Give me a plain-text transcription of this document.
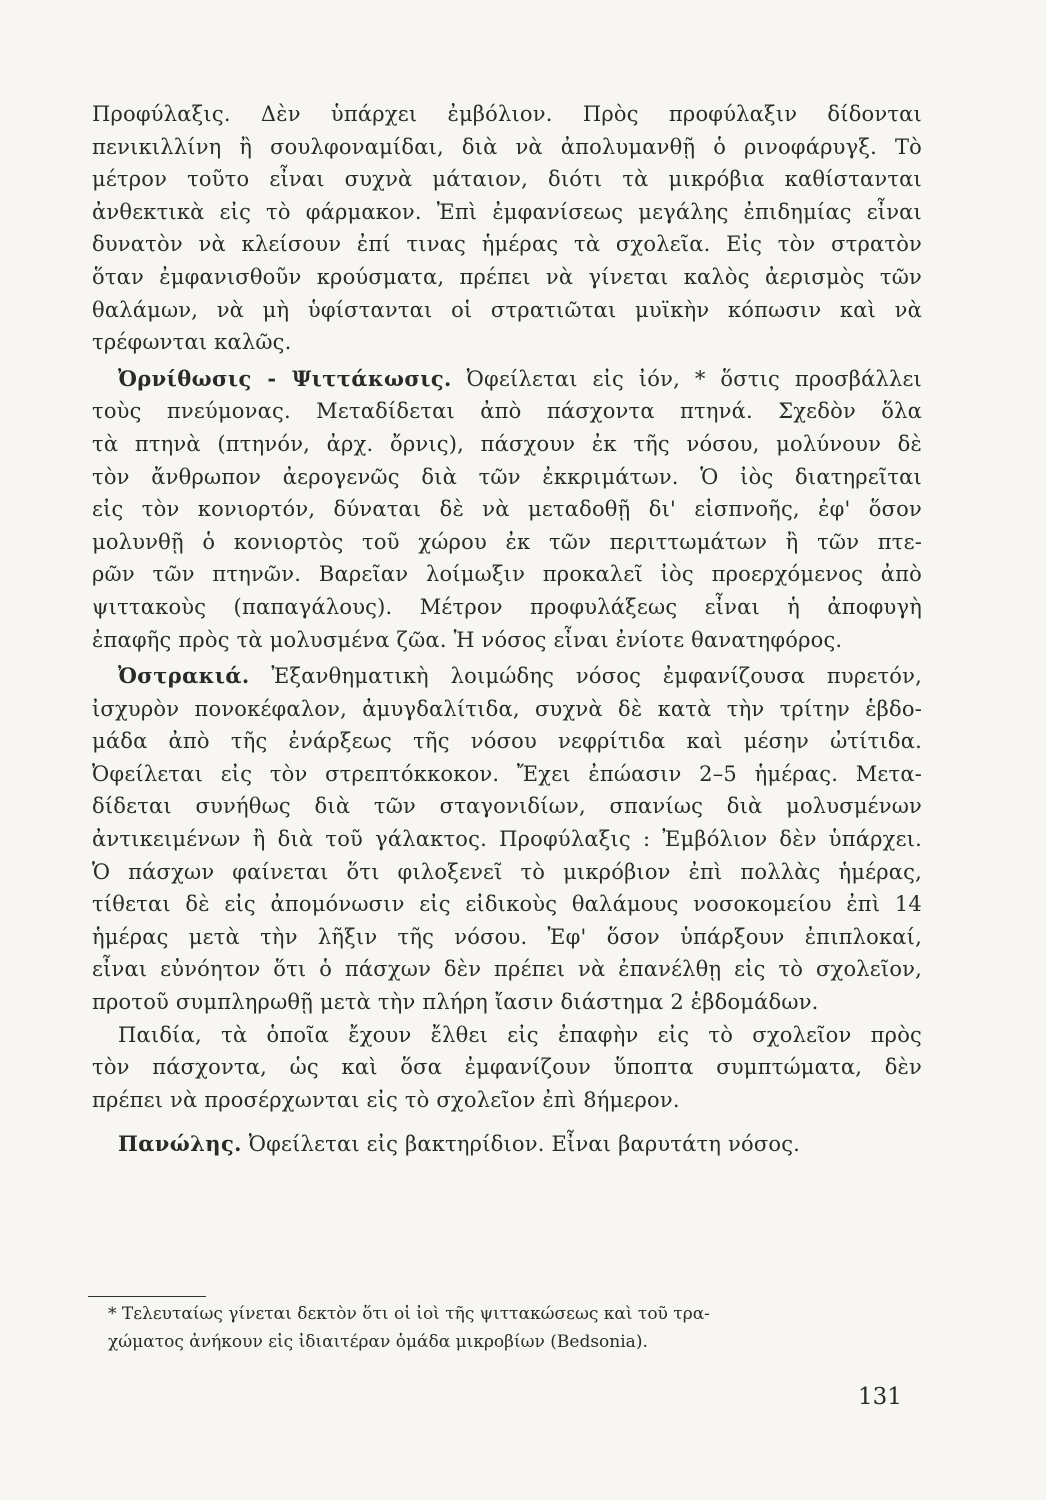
Προφύλαξις. Δὲν ὑπάρχει ἐμβόλιον. Πρὸς προφύλαξιν δίδονται
πενικιλλίνη ἢ σουλφοναμίδαι, διὰ νὰ ἀπολυμανθῇ ὁ ρινοφάρυγξ. Τὸ
μέτρον τοῦτο εἶναι συχνὰ μάταιον, διότι τὰ μικρόβια καθίστανται
ἀνθεκτικὰ εἰς τὸ φάρμακον. Ἐπὶ ἐμφανίσεως μεγάλης ἐπιδημίας εἶναι
δυνατὸν νὰ κλείσουν ἐπί τινας ἡμέρας τὰ σχολεῖα. Εἰς τὸν στρατὸν
ὅταν ἐμφανισθοῦν κρούσματα, πρέπει νὰ γίνεται καλὸς ἀερισμὸς τῶν
θαλάμων, νὰ μὴ ὑφίστανται οἱ στρατιῶται μυϊκὴν κόπωσιν καὶ νὰ
τρέφωνται καλῶς.
Ὀρνίθωσις - Ψιττάκωσις. Ὀφείλεται εἰς ἰόν, * ὅστις προσβάλλει
τοὺς πνεύμονας. Μεταδίδεται ἀπὸ πάσχοντα πτηνά. Σχεδὸν ὅλα
τὰ πτηνὰ (πτηνόν, ἀρχ. ὄρνις), πάσχουν ἐκ τῆς νόσου, μολύνουν δὲ
τὸν ἄνθρωπον ἀερογενῶς διὰ τῶν ἐκκριμάτων. Ὁ ἰὸς διατηρεῖται
εἰς τὸν κονιορτόν, δύναται δὲ νὰ μεταδοθῇ δι' εἰσπνοῆς, ἐφ' ὅσον
μολυνθῇ ὁ κονιορτὸς τοῦ χώρου ἐκ τῶν περιττωμάτων ἢ τῶν πτε-
ρῶν τῶν πτηνῶν. Βαρεῖαν λοίμωξιν προκαλεῖ ἰὸς προερχόμενος ἀπὸ
ψιττακοὺς (παπαγάλους). Μέτρον προφυλάξεως εἶναι ἡ ἀποφυγὴ
ἐπαφῆς πρὸς τὰ μολυσμένα ζῶα. Ἡ νόσος εἶναι ἐνίοτε θανατηφόρος.
Ὀστρακιά. Ἐξανθηματικὴ λοιμώδης νόσος ἐμφανίζουσα πυρετόν,
ἰσχυρὸν πονοκέφαλον, ἀμυγδαλίτιδα, συχνὰ δὲ κατὰ τὴν τρίτην ἑβδο-
μάδα ἀπὸ τῆς ἐνάρξεως τῆς νόσου νεφρίτιδα καὶ μέσην ὠτίτιδα.
Ὀφείλεται εἰς τὸν στρεπτόκκοκον. Ἔχει ἐπώασιν 2–5 ἡμέρας. Μετα-
δίδεται συνήθως διὰ τῶν σταγονιδίων, σπανίως διὰ μολυσμένων
ἀντικειμένων ἢ διὰ τοῦ γάλακτος. Προφύλαξις : Ἐμβόλιον δὲν ὑπάρχει.
Ὁ πάσχων φαίνεται ὅτι φιλοξενεῖ τὸ μικρόβιον ἐπὶ πολλὰς ἡμέρας,
τίθεται δὲ εἰς ἀπομόνωσιν εἰς εἰδικοὺς θαλάμους νοσοκομείου ἐπὶ 14
ἡμέρας μετὰ τὴν λῆξιν τῆς νόσου. Ἐφ' ὅσον ὑπάρξουν ἐπιπλοκαί,
εἶναι εὐνόητον ὅτι ὁ πάσχων δὲν πρέπει νὰ ἐπανέλθῃ εἰς τὸ σχολεῖον,
προτοῦ συμπληρωθῇ μετὰ τὴν πλήρη ἴασιν διάστημα 2 ἑβδομάδων.
Παιδία, τὰ ὁποῖα ἔχουν ἔλθει εἰς ἐπαφὴν εἰς τὸ σχολεῖον πρὸς
τὸν πάσχοντα, ὡς καὶ ὅσα ἐμφανίζουν ὕποπτα συμπτώματα, δὲν
πρέπει νὰ προσέρχωνται εἰς τὸ σχολεῖον ἐπὶ 8ήμερον.
Πανώλης. Ὀφείλεται εἰς βακτηρίδιον. Εἶναι βαρυτάτη νόσος.
* Τελευταίως γίνεται δεκτὸν ὅτι οἱ ἰοὶ τῆς ψιττακώσεως καὶ τοῦ τρα-
χώματος ἀνήκουν εἰς ἰδιαιτέραν ὁμάδα μικροβίων (Bedsonia).
131
